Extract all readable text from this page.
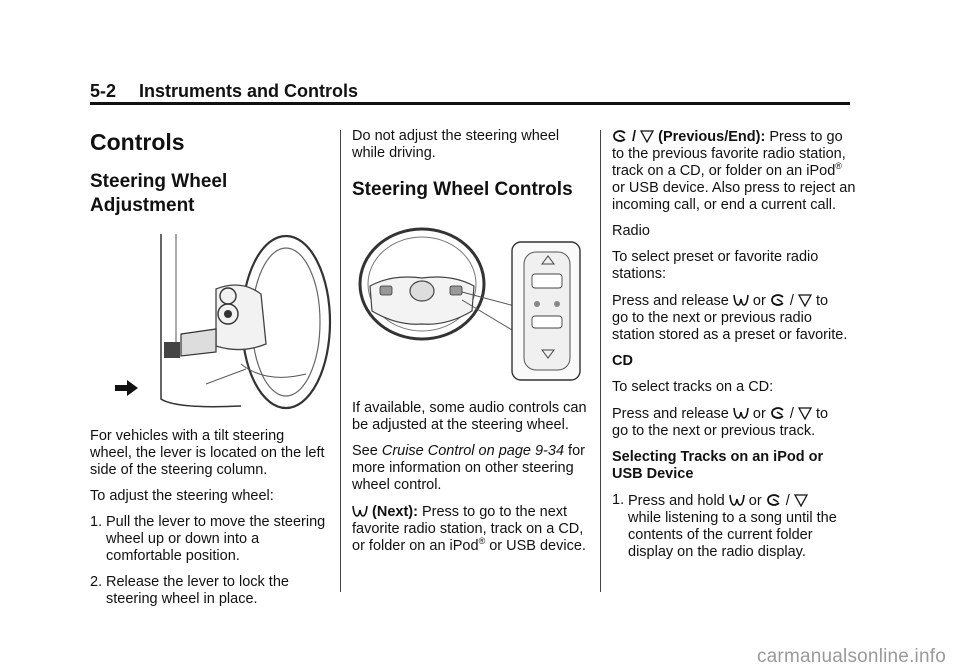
5-2 Instruments and Controls
Controls
Steering Wheel Adjustment

For vehicles with a tilt steering wheel, the lever is located on the left side of the steering column.

To adjust the steering wheel:

1. Pull the lever to move the steering wheel up or down into a comfortable position.
2. Release the lever to lock the steering wheel in place.

Do not adjust the steering wheel while driving.

Steering Wheel Controls

If available, some audio controls can be adjusted at the steering wheel.

See Cruise Control on page 9-34 for more information on other steering wheel control.

(Next): Press to go to the next favorite radio station, track on a CD, or folder on an iPod® or USB device.

/  (Previous/End): Press to go to the previous favorite radio station, track on a CD, or folder on an iPod® or USB device. Also press to reject an incoming call, or end a current call.

Radio

To select preset or favorite radio stations:

Press and release  or  /  to
go to the next or previous radio station stored as a preset or favorite.

CD

To select tracks on a CD:

Press and release  or  /  to
go to the next or previous track.

Selecting Tracks on an iPod or USB Device

1. Press and hold  or  /
while listening to a song until the contents of the current folder display on the radio display.
carmanualsonline.info
